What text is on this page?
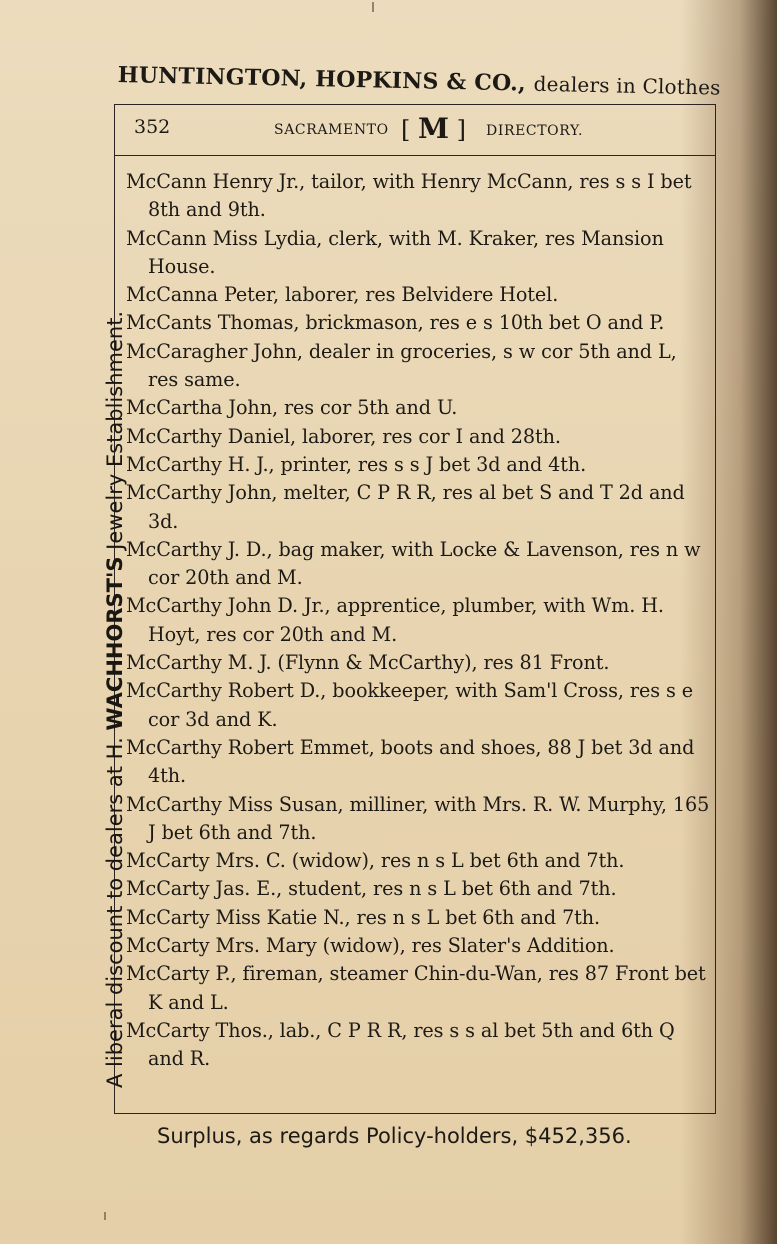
HUNTINGTON, HOPKINS & CO., dealers in Clothes
352	SACRAMENTO [ M ] DIRECTORY.
A liberal discount to dealers at H. WACHHORST'S Jewelry Establishment.
McCann Henry Jr., tailor, with Henry McCann, res s s I bet 8th and 9th.
McCann Miss Lydia, clerk, with M. Kraker, res Mansion House.
McCanna Peter, laborer, res Belvidere Hotel.
McCants Thomas, brickmason, res e s 10th bet O and P.
McCaragher John, dealer in groceries, s w cor 5th and L, res same.
McCartha John, res cor 5th and U.
McCarthy Daniel, laborer, res cor I and 28th.
McCarthy H. J., printer, res s s J bet 3d and 4th.
McCarthy John, melter, C P R R, res al bet S and T 2d and 3d.
McCarthy J. D., bag maker, with Locke & Lavenson, res n w cor 20th and M.
McCarthy John D. Jr., apprentice, plumber, with Wm. H. Hoyt, res cor 20th and M.
McCarthy M. J. (Flynn & McCarthy), res 81 Front.
McCarthy Robert D., bookkeeper, with Sam'l Cross, res s e cor 3d and K.
McCarthy Robert Emmet, boots and shoes, 88 J bet 3d and 4th.
McCarthy Miss Susan, milliner, with Mrs. R. W. Murphy, 165 J bet 6th and 7th.
McCarty Mrs. C. (widow), res n s L bet 6th and 7th.
McCarty Jas. E., student, res n s L bet 6th and 7th.
McCarty Miss Katie N., res n s L bet 6th and 7th.
McCarty Mrs. Mary (widow), res Slater's Addition.
McCarty P., fireman, steamer Chin-du-Wan, res 87 Front bet K and L.
McCarty Thos., lab., C P R R, res s s al bet 5th and 6th Q and R.
Surplus, as regards Policy-holders, $452,356.
